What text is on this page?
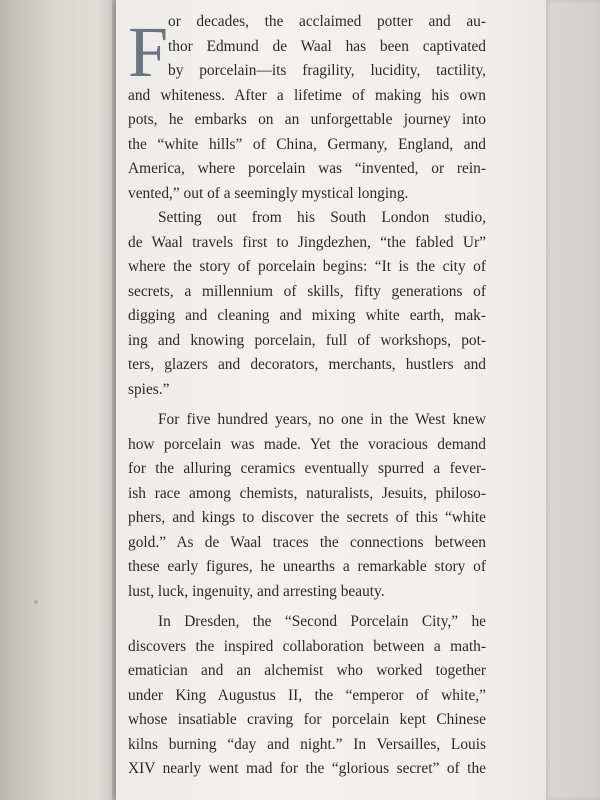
F or decades, the acclaimed potter and au-
thor Edmund de Waal has been captivated
by porcelain—its fragility, lucidity, tactility,
and whiteness. After a lifetime of making his own
pots, he embarks on an unforgettable journey into
the “white hills” of China, Germany, England, and
America, where porcelain was “invented, or rein-
vented,” out of a seemingly mystical longing.
Setting out from his South London studio,
de Waal travels first to Jingdezhen, “the fabled Ur”
where the story of porcelain begins: “It is the city of
secrets, a millennium of skills, fifty generations of
digging and cleaning and mixing white earth, mak-
ing and knowing porcelain, full of workshops, pot-
ters, glazers and decorators, merchants, hustlers and
spies.”
For five hundred years, no one in the West knew
how porcelain was made. Yet the voracious demand
for the alluring ceramics eventually spurred a fever-
ish race among chemists, naturalists, Jesuits, philoso-
phers, and kings to discover the secrets of this “white
gold.” As de Waal traces the connections between
these early figures, he unearths a remarkable story of
lust, luck, ingenuity, and arresting beauty.
In Dresden, the “Second Porcelain City,” he
discovers the inspired collaboration between a math-
ematician and an alchemist who worked together
under King Augustus II, the “emperor of white,”
whose insatiable craving for porcelain kept Chinese
kilns burning “day and night.” In Versailles, Louis
XIV nearly went mad for the “glorious secret” of the
